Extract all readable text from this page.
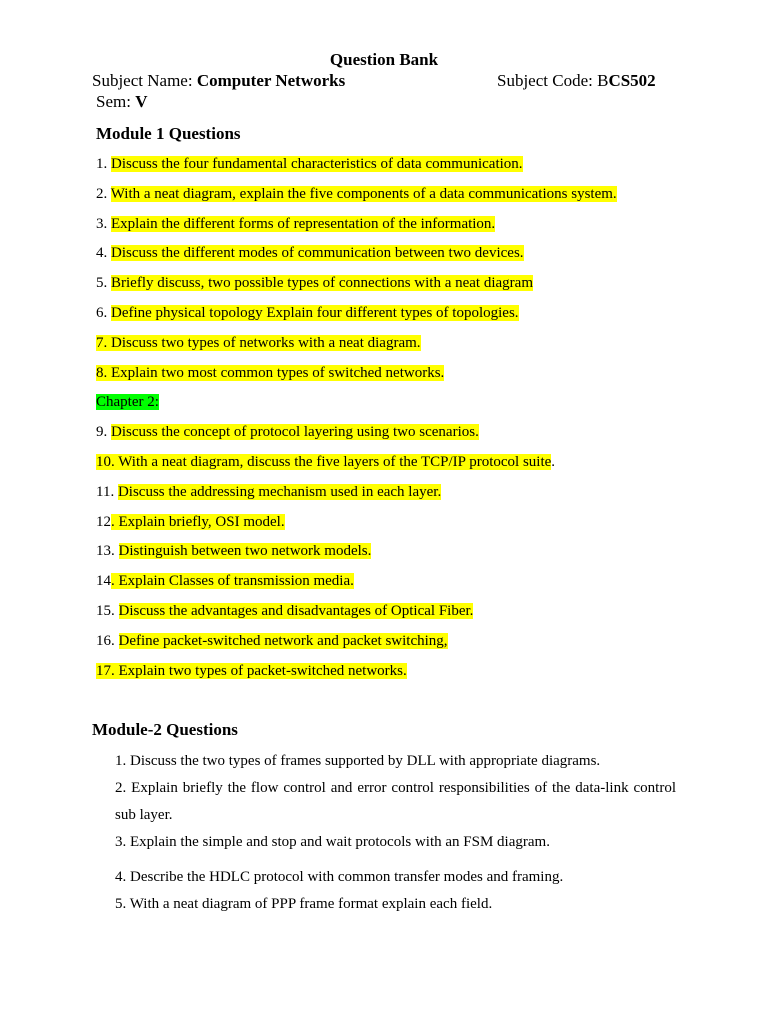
Question Bank
Subject Name: Computer Networks	Subject Code: BCS502
Sem: V
Module 1 Questions
1. Discuss the four fundamental characteristics of data communication.
2. With a neat diagram, explain the five components of a data communications system.
3. Explain the different forms of representation of the information.
4. Discuss the different modes of communication between two devices.
5. Briefly discuss, two possible types of connections with a neat diagram
6. Define physical topology Explain four different types of topologies.
7. Discuss two types of networks with a neat diagram.
8. Explain two most common types of switched networks.
Chapter 2:
9. Discuss the concept of protocol layering using two scenarios.
10. With a neat diagram, discuss the five layers of the TCP/IP protocol suite.
11. Discuss the addressing mechanism used in each layer.
12. Explain briefly, OSI model.
13. Distinguish between two network models.
14. Explain Classes of transmission media.
15. Discuss the advantages and disadvantages of Optical Fiber.
16. Define packet-switched network and packet switching,
17. Explain two types of packet-switched networks.
Module-2 Questions
1. Discuss the two types of frames supported by DLL with appropriate diagrams.
2. Explain briefly the flow control and error control responsibilities of the data-link control sub layer.
3. Explain the simple and stop and wait protocols with an FSM diagram.
4. Describe the HDLC protocol with common transfer modes and framing.
5. With a neat diagram of PPP frame format explain each field.
